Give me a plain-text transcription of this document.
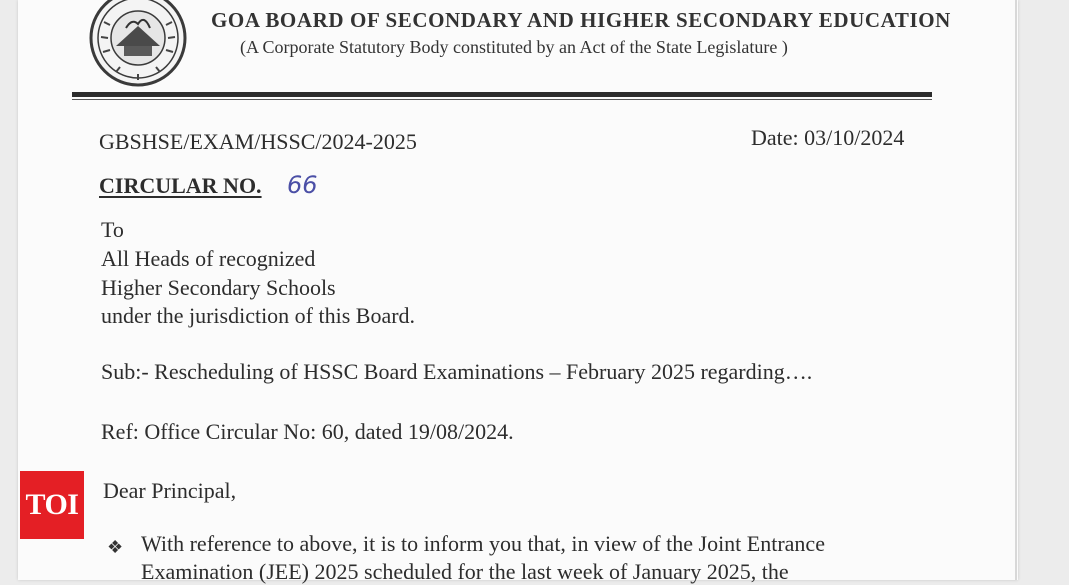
GOA BOARD OF SECONDARY AND HIGHER SECONDARY EDUCATION
(A Corporate Statutory Body constituted by an Act of the State Legislature )
GBSHSE/EXAM/HSSC/2024-2025	Date: 03/10/2024
CIRCULAR NO. 66
To
All Heads of recognized
Higher Secondary Schools
under the jurisdiction of this Board.
Sub:- Rescheduling of HSSC Board Examinations – February 2025 regarding….
Ref: Office Circular No: 60, dated 19/08/2024.
Dear Principal,
❖ With reference to above, it is to inform you that, in view of the Joint Entrance
Examination (JEE) 2025 scheduled for the last week of January 2025, the
TOI
